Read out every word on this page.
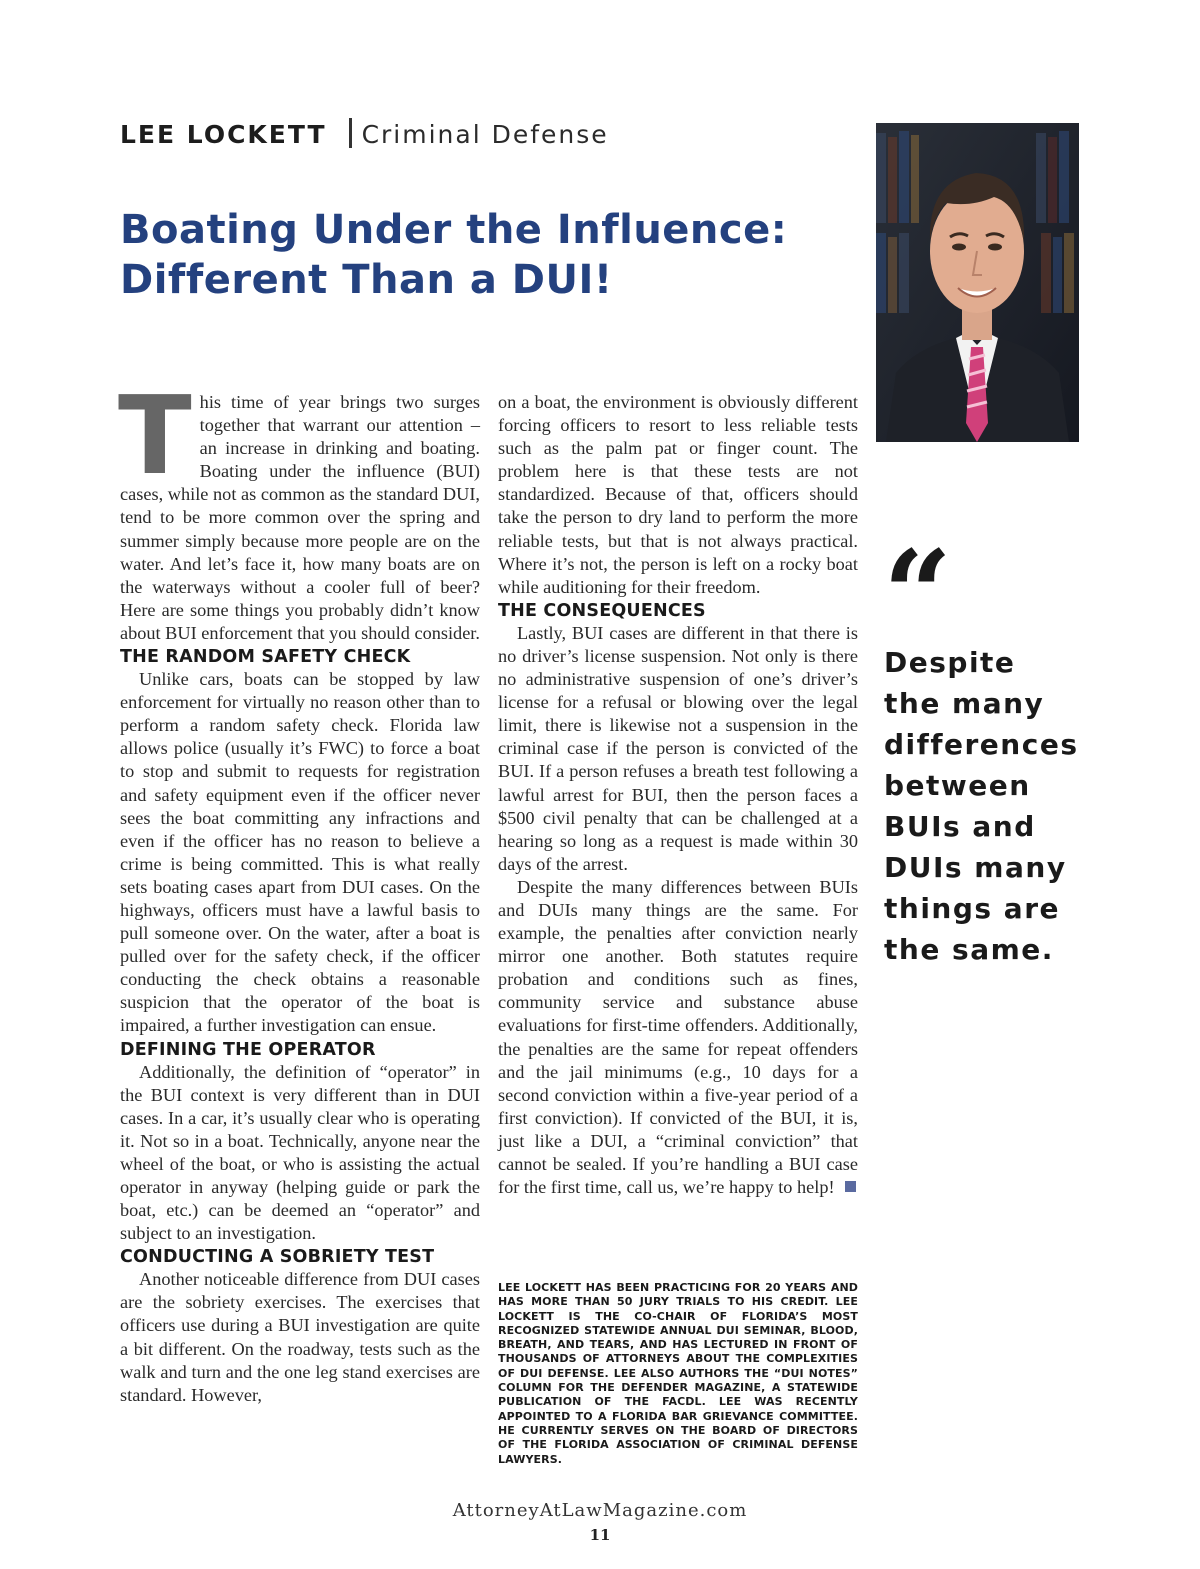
LEE LOCKETT Criminal Defense
Boating Under the Influence:
Different Than a DUI!
“
Despite
the many
differences
between
BUIs and
DUIs many
things are
the same.
T his time of year brings two surges together that warrant our attention – an increase in drinking and boating. Boating under the influence (BUI) cases, while not as common as the standard DUI, tend to be more common over the spring and summer simply because more people are on the water. And let’s face it, how many boats are on the waterways without a cooler full of beer? Here are some things you probably didn’t know about BUI enforcement that you should consider.

THE RANDOM SAFETY CHECK

Unlike cars, boats can be stopped by law enforcement for virtually no reason other than to perform a random safety check. Florida law allows police (usually it’s FWC) to force a boat to stop and submit to requests for registration and safety equipment even if the officer never sees the boat committing any infractions and even if the officer has no reason to believe a crime is being committed. This is what really sets boating cases apart from DUI cases. On the highways, officers must have a lawful basis to pull someone over. On the water, after a boat is pulled over for the safety check, if the officer conducting the check obtains a reasonable suspicion that the operator of the boat is impaired, a further investigation can ensue.

DEFINING THE OPERATOR

Additionally, the definition of “operator” in the BUI context is very different than in DUI cases. In a car, it’s usually clear who is operating it. Not so in a boat. Technically, anyone near the wheel of the boat, or who is assisting the actual operator in anyway (helping guide or park the boat, etc.) can be deemed an “operator” and subject to an investigation.

CONDUCTING A SOBRIETY TEST

Another noticeable difference from DUI cases are the sobriety exercises. The exercises that officers use during a BUI investigation are quite a bit different. On the roadway, tests such as the walk and turn and the one leg stand exercises are standard. However,

on a boat, the environment is obviously different forcing officers to resort to less reliable tests such as the palm pat or finger count. The problem here is that these tests are not standardized. Because of that, officers should take the person to dry land to perform the more reliable tests, but that is not always practical. Where it’s not, the person is left on a rocky boat while auditioning for their freedom.

THE CONSEQUENCES

Lastly, BUI cases are different in that there is no driver’s license suspension. Not only is there no administrative suspension of one’s driver’s license for a refusal or blowing over the legal limit, there is likewise not a suspension in the criminal case if the person is convicted of the BUI. If a person refuses a breath test following a lawful arrest for BUI, then the person faces a $500 civil penalty that can be challenged at a hearing so long as a request is made within 30 days of the arrest.

Despite the many differences between BUIs and DUIs many things are the same. For example, the penalties after conviction nearly mirror one another. Both statutes require probation and conditions such as fines, community service and substance abuse evaluations for first-time offenders. Additionally, the penalties are the same for repeat offenders and the jail minimums (e.g., 10 days for a second conviction within a five-year period of a first conviction). If convicted of the BUI, it is, just like a DUI, a “criminal conviction” that cannot be sealed. If you’re handling a BUI case for the first time, call us, we’re happy to help!

LEE LOCKETT HAS BEEN PRACTICING FOR 20 YEARS AND HAS MORE THAN 50 JURY TRIALS TO HIS CREDIT. LEE LOCKETT IS THE CO-CHAIR OF FLORIDA’S MOST RECOGNIZED STATEWIDE ANNUAL DUI SEMINAR, BLOOD, BREATH, AND TEARS, AND HAS LECTURED IN FRONT OF THOUSANDS OF ATTORNEYS ABOUT THE COMPLEXITIES OF DUI DEFENSE. LEE ALSO AUTHORS THE “DUI NOTES” COLUMN FOR THE DEFENDER MAGAZINE, A STATEWIDE PUBLICATION OF THE FACDL. LEE WAS RECENTLY APPOINTED TO A FLORIDA BAR GRIEVANCE COMMITTEE. HE CURRENTLY SERVES ON THE BOARD OF DIRECTORS OF THE FLORIDA ASSOCIATION OF CRIMINAL DEFENSE LAWYERS.

AttorneyAtLawMagazine.com
11
